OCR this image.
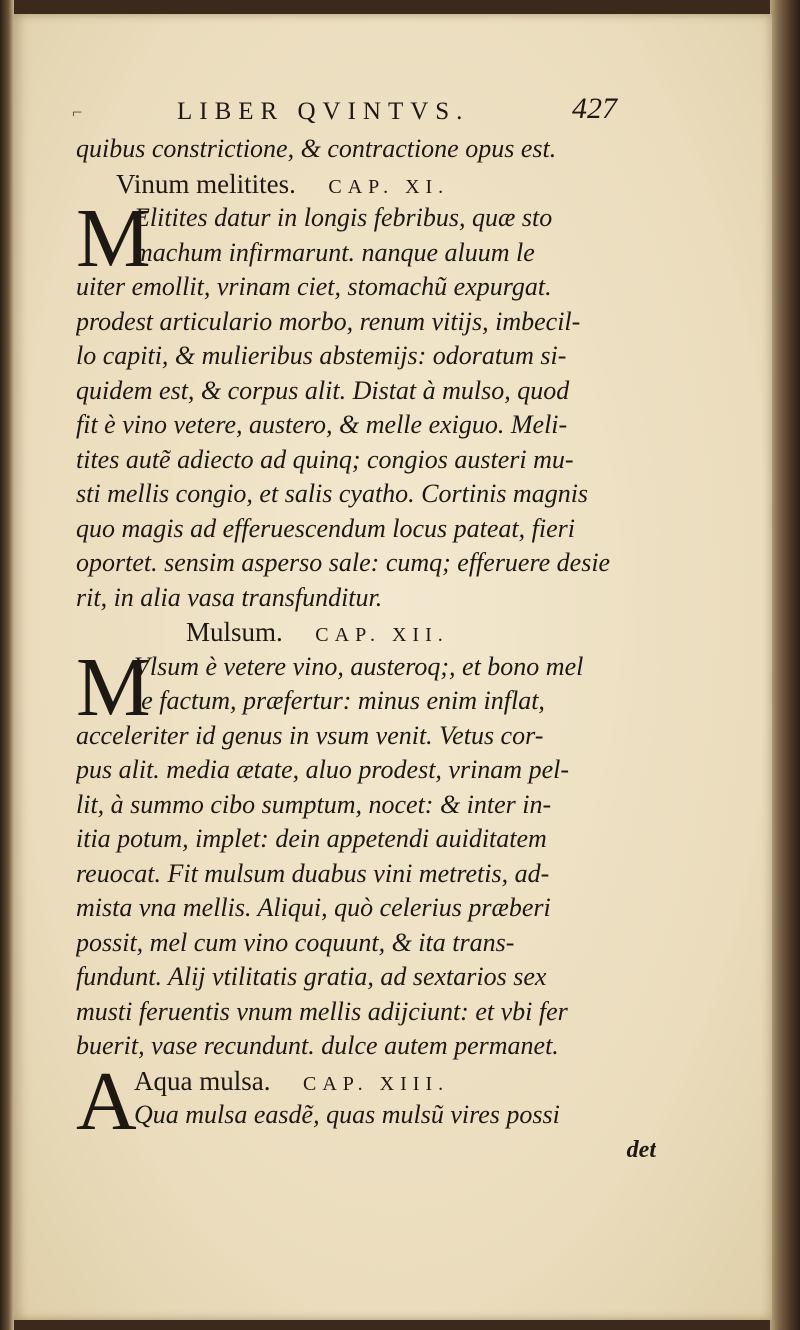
⌐	LIBER QVINTVS.	427
quibus constrictione, & contractione opus est.
Vinum melitites. CAP. XI.
M
Elitites datur in longis febribus, quæ sto
machum infirmarunt. nanque aluum le
uiter emollit, vrinam ciet, stomachũ expurgat.
prodest articulario morbo, renum vitijs, imbecil-
lo capiti, & mulieribus abstemijs: odoratum si-
quidem est, & corpus alit. Distat à mulso, quod
fit è vino vetere, austero, & melle exiguo. Meli-
tites autẽ adiecto ad quinq; congios austeri mu-
sti mellis congio, et salis cyatho. Cortinis magnis
quo magis ad efferuescendum locus pateat, fieri
oportet. sensim asperso sale: cumq; efferuere desie
rit, in alia vasa transfunditur.
Mulsum. CAP. XII.
M
Vlsum è vetere vino, austeroq;, et bono mel
le factum, præfertur: minus enim inflat,
acceleriter id genus in vsum venit. Vetus cor-
pus alit. media ætate, aluo prodest, vrinam pel-
lit, à summo cibo sumptum, nocet: & inter in-
itia potum, implet: dein appetendi auiditatem
reuocat. Fit mulsum duabus vini metretis, ad-
mista vna mellis. Aliqui, quò celerius præberi
possit, mel cum vino coquunt, & ita trans-
fundunt. Alij vtilitatis gratia, ad sextarios sex
musti feruentis vnum mellis adijciunt: et vbi fer
buerit, vase recundunt. dulce autem permanet.
A
Aqua mulsa. CAP. XIII.
Qua mulsa easdẽ, quas mulsũ vires possi
det
